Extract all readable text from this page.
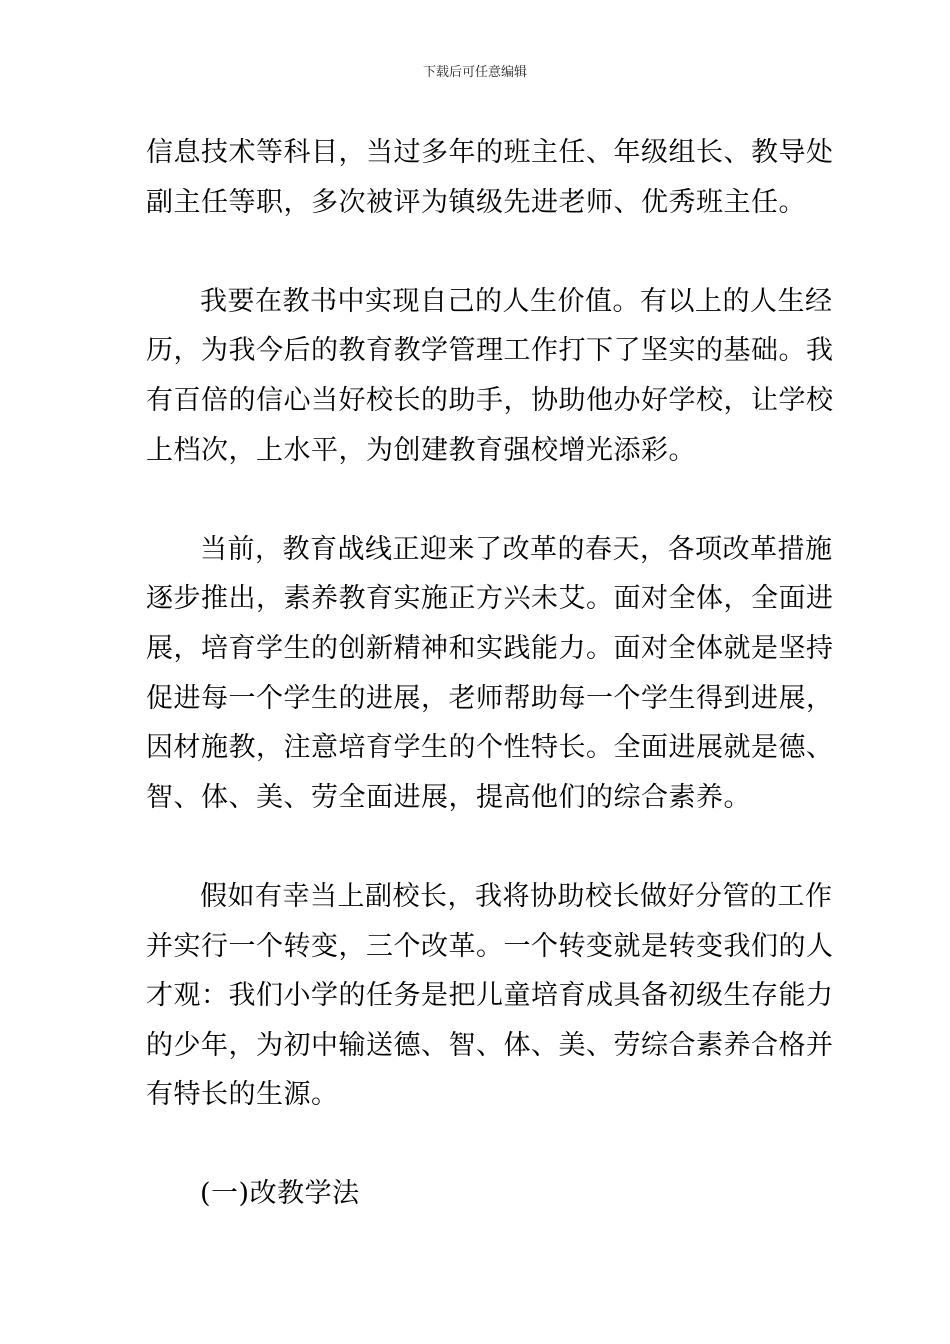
下载后可任意编辑

信息技术等科目，当过多年的班主任、年级组长、教导处
副主任等职，多次被评为镇级先进老师、优秀班主任。

我要在教书中实现自己的人生价值。有以上的人生经
历，为我今后的教育教学管理工作打下了坚实的基础。我
有百倍的信心当好校长的助手，协助他办好学校，让学校
上档次，上水平，为创建教育强校增光添彩。

当前，教育战线正迎来了改革的春天，各项改革措施
逐步推出，素养教育实施正方兴未艾。面对全体，全面进
展，培育学生的创新精神和实践能力。面对全体就是坚持
促进每一个学生的进展，老师帮助每一个学生得到进展，
因材施教，注意培育学生的个性特长。全面进展就是德、
智、体、美、劳全面进展，提高他们的综合素养。

假如有幸当上副校长，我将协助校长做好分管的工作
并实行一个转变，三个改革。一个转变就是转变我们的人
才观：我们小学的任务是把儿童培育成具备初级生存能力
的少年，为初中输送德、智、体、美、劳综合素养合格并
有特长的生源。

(一)改教学法
